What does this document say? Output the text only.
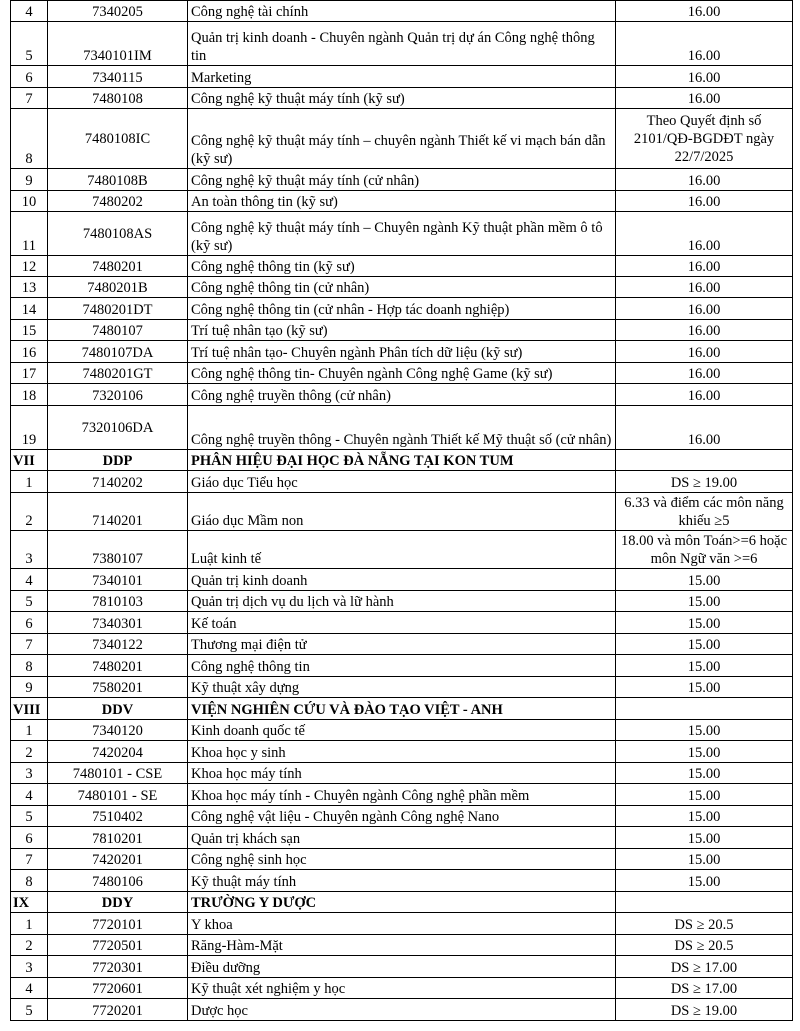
4	7340205	Công nghệ tài chính	16.00
5	7340101IM	Quản trị kinh doanh - Chuyên ngành Quản trị dự án Công nghệ thông tin	16.00
6	7340115	Marketing	16.00
7	7480108	Công nghệ kỹ thuật máy tính (kỹ sư)	16.00
8	7480108IC	Công nghệ kỹ thuật máy tính – chuyên ngành Thiết kế vi mạch bán dẫn (kỹ sư)	Theo Quyết định số 2101/QĐ-BGDĐT ngày 22/7/2025
9	7480108B	Công nghệ kỹ thuật máy tính (cử nhân)	16.00
10	7480202	An toàn thông tin (kỹ sư)	16.00
11	7480108AS	Công nghệ kỹ thuật máy tính – Chuyên ngành Kỹ thuật phần mềm ô tô (kỹ sư)	16.00
12	7480201	Công nghệ thông tin (kỹ sư)	16.00
13	7480201B	Công nghệ thông tin (cử nhân)	16.00
14	7480201DT	Công nghệ thông tin (cử nhân - Hợp tác doanh nghiệp)	16.00
15	7480107	Trí tuệ nhân tạo (kỹ sư)	16.00
16	7480107DA	Trí tuệ nhân tạo- Chuyên ngành Phân tích dữ liệu (kỹ sư)	16.00
17	7480201GT	Công nghệ thông tin- Chuyên ngành Công nghệ Game (kỹ sư)	16.00
18	7320106	Công nghệ truyền thông (cử nhân)	16.00
19	7320106DA	Công nghệ truyền thông - Chuyên ngành Thiết kế Mỹ thuật số (cử nhân)	16.00
VII	DDP	PHÂN HIỆU ĐẠI HỌC ĐÀ NẴNG TẠI KON TUM	
1	7140202	Giáo dục Tiểu học	DS ≥ 19.00
2	7140201	Giáo dục Mầm non	6.33 và điểm các môn năng khiếu ≥5
3	7380107	Luật kinh tế	18.00 và môn Toán>=6 hoặc môn Ngữ văn >=6
4	7340101	Quản trị kinh doanh	15.00
5	7810103	Quản trị dịch vụ du lịch và lữ hành	15.00
6	7340301	Kế toán	15.00
7	7340122	Thương mại điện tử	15.00
8	7480201	Công nghệ thông tin	15.00
9	7580201	Kỹ thuật xây dựng	15.00
VIII	DDV	VIỆN NGHIÊN CỨU VÀ ĐÀO TẠO VIỆT - ANH	
1	7340120	Kinh doanh quốc tế	15.00
2	7420204	Khoa học y sinh	15.00
3	7480101 - CSE	Khoa học máy tính	15.00
4	7480101 - SE	Khoa học máy tính - Chuyên ngành Công nghệ phần mềm	15.00
5	7510402	Công nghệ vật liệu - Chuyên ngành Công nghệ Nano	15.00
6	7810201	Quản trị khách sạn	15.00
7	7420201	Công nghệ sinh học	15.00
8	7480106	Kỹ thuật máy tính	15.00
IX	DDY	TRƯỜNG Y DƯỢC	
1	7720101	Y khoa	DS ≥ 20.5
2	7720501	Răng-Hàm-Mặt	DS ≥ 20.5
3	7720301	Điều dưỡng	DS ≥ 17.00
4	7720601	Kỹ thuật xét nghiệm y học	DS ≥ 17.00
5	7720201	Dược học	DS ≥ 19.00
